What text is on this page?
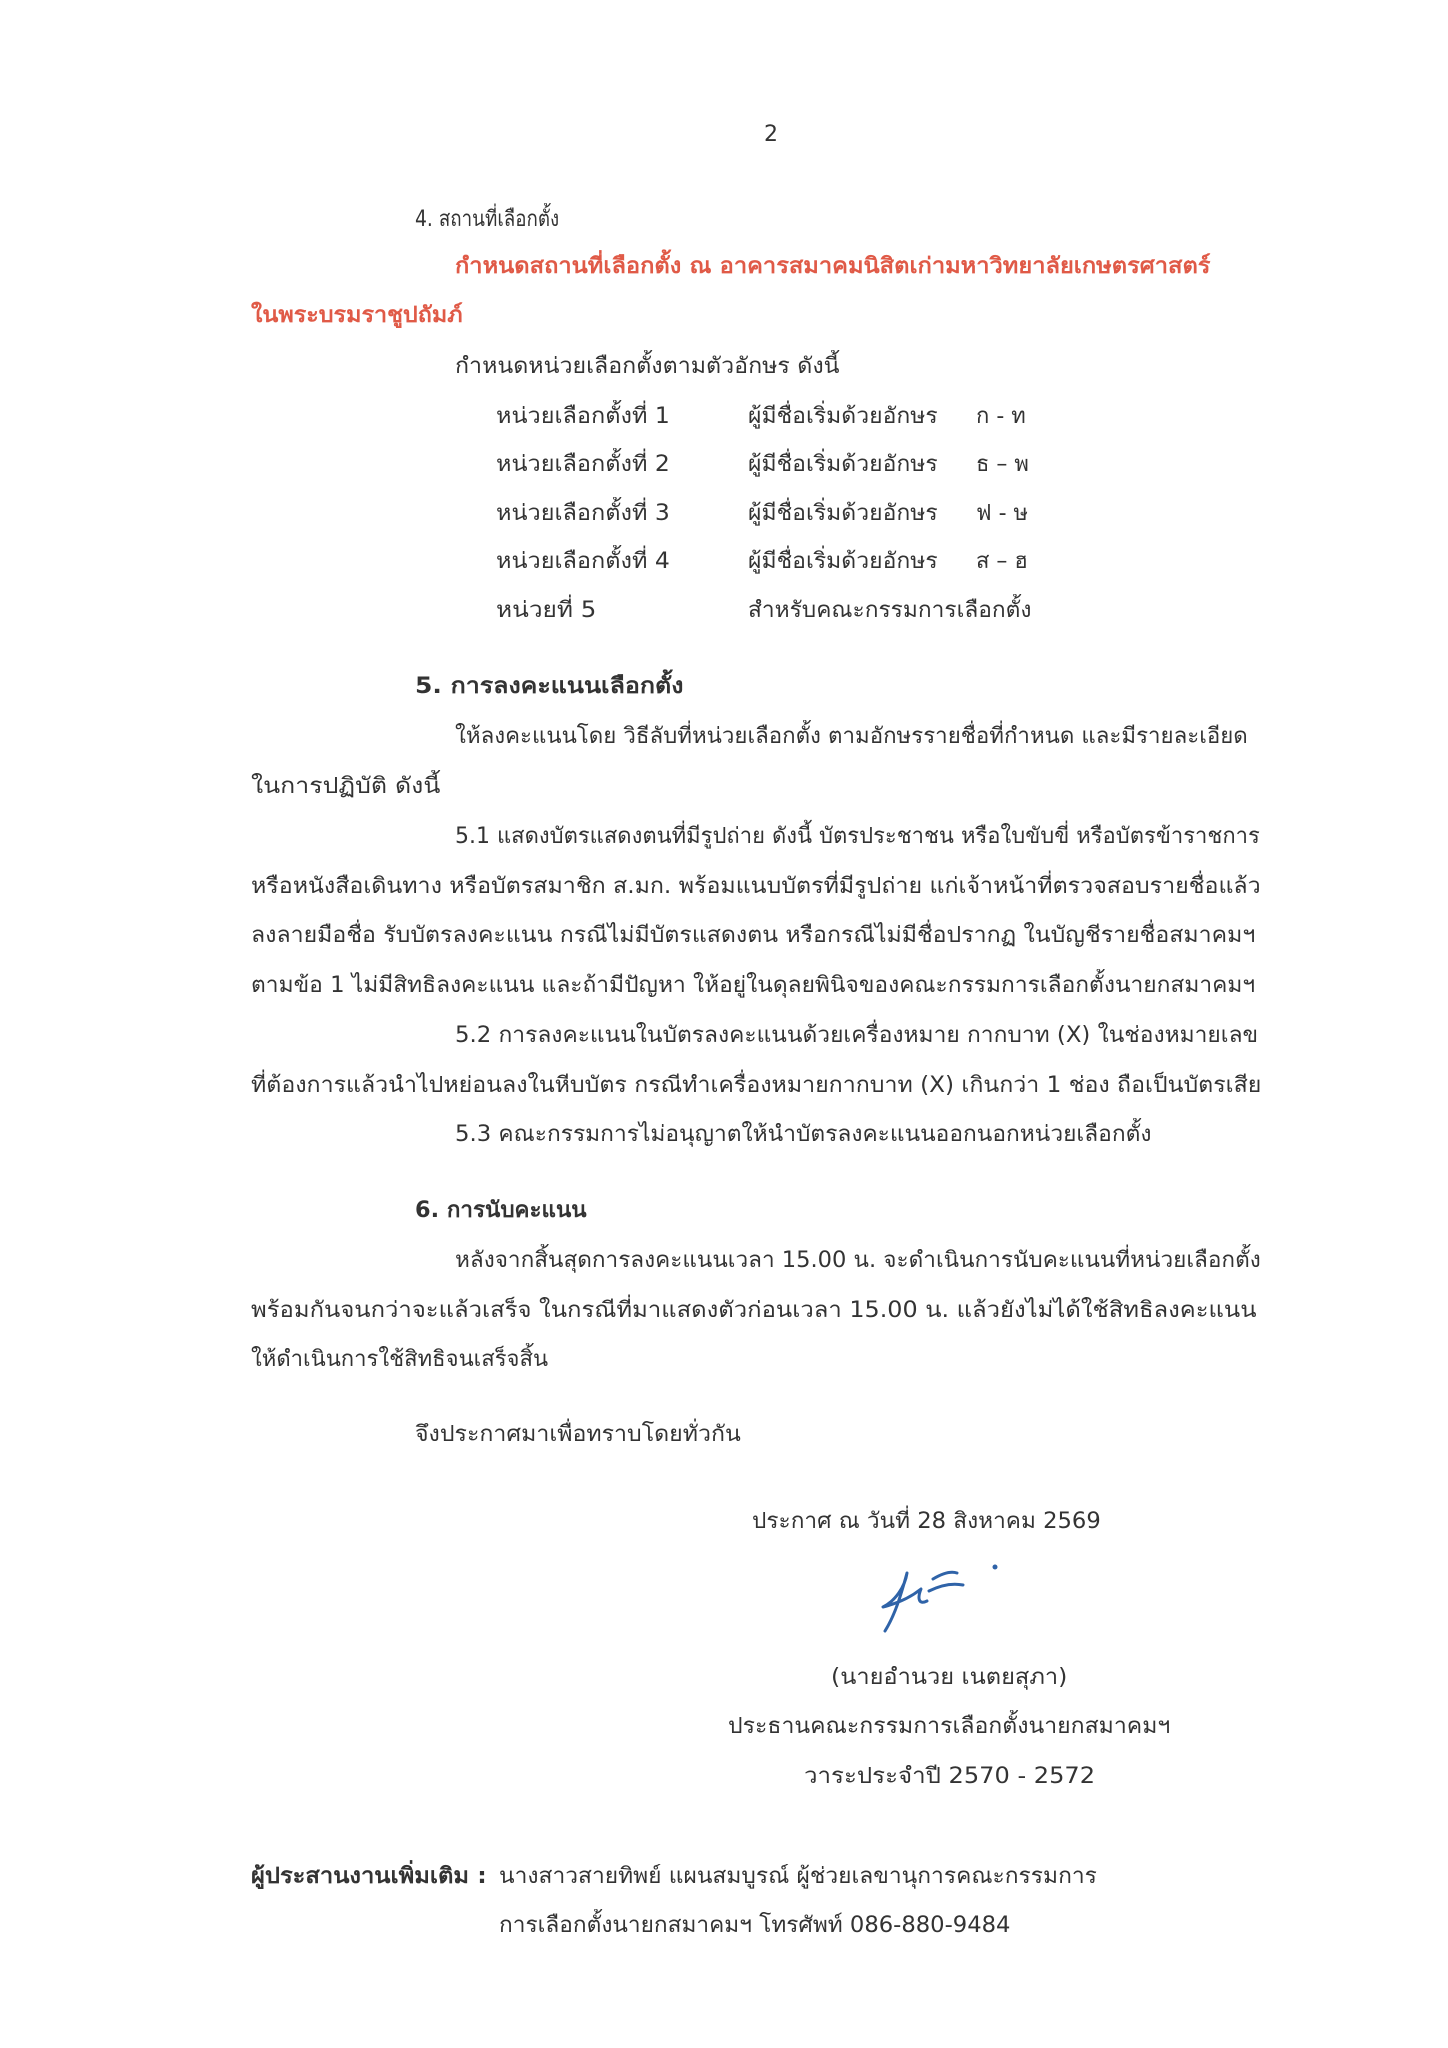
2
4. สถานที่เลือกตั้ง
กำหนดสถานที่เลือกตั้ง ณ อาคารสมาคมนิสิตเก่ามหาวิทยาลัยเกษตรศาสตร์
ในพระบรมราชูปถัมภ์
กำหนดหน่วยเลือกตั้งตามตัวอักษร ดังนี้
หน่วยเลือกตั้งที่ 1	ผู้มีชื่อเริ่มด้วยอักษร ก - ท
หน่วยเลือกตั้งที่ 2	ผู้มีชื่อเริ่มด้วยอักษร ธ – พ
หน่วยเลือกตั้งที่ 3	ผู้มีชื่อเริ่มด้วยอักษร ฟ - ษ
หน่วยเลือกตั้งที่ 4	ผู้มีชื่อเริ่มด้วยอักษร ส – ฮ
หน่วยที่ 5	สำหรับคณะกรรมการเลือกตั้ง
5. การลงคะแนนเลือกตั้ง
ให้ลงคะแนนโดย วิธีลับที่หน่วยเลือกตั้ง ตามอักษรรายชื่อที่กำหนด และมีรายละเอียด
ในการปฏิบัติ ดังนี้
5.1 แสดงบัตรแสดงตนที่มีรูปถ่าย ดังนี้ บัตรประชาชน หรือใบขับขี่ หรือบัตรข้าราชการ
หรือหนังสือเดินทาง หรือบัตรสมาชิก ส.มก. พร้อมแนบบัตรที่มีรูปถ่าย แก่เจ้าหน้าที่ตรวจสอบรายชื่อแล้ว
ลงลายมือชื่อ รับบัตรลงคะแนน กรณีไม่มีบัตรแสดงตน หรือกรณีไม่มีชื่อปรากฏ ในบัญชีรายชื่อสมาคมฯ
ตามข้อ 1 ไม่มีสิทธิลงคะแนน และถ้ามีปัญหา ให้อยู่ในดุลยพินิจของคณะกรรมการเลือกตั้งนายกสมาคมฯ
5.2 การลงคะแนนในบัตรลงคะแนนด้วยเครื่องหมาย กากบาท (X) ในช่องหมายเลข
ที่ต้องการแล้วนำไปหย่อนลงในหีบบัตร กรณีทำเครื่องหมายกากบาท (X) เกินกว่า 1 ช่อง ถือเป็นบัตรเสีย
5.3 คณะกรรมการไม่อนุญาตให้นำบัตรลงคะแนนออกนอกหน่วยเลือกตั้ง
6. การนับคะแนน
หลังจากสิ้นสุดการลงคะแนนเวลา 15.00 น. จะดำเนินการนับคะแนนที่หน่วยเลือกตั้ง
พร้อมกันจนกว่าจะแล้วเสร็จ ในกรณีที่มาแสดงตัวก่อนเวลา 15.00 น. แล้วยังไม่ได้ใช้สิทธิลงคะแนน
ให้ดำเนินการใช้สิทธิจนเสร็จสิ้น
จึงประกาศมาเพื่อทราบโดยทั่วกัน
ประกาศ ณ วันที่ 28 สิงหาคม 2569
(นายอำนวย เนตยสุภา)
ประธานคณะกรรมการเลือกตั้งนายกสมาคมฯ
วาระประจำปี 2570 - 2572
ผู้ประสานงานเพิ่มเติม : นางสาวสายทิพย์ แผนสมบูรณ์ ผู้ช่วยเลขานุการคณะกรรมการ
การเลือกตั้งนายกสมาคมฯ โทรศัพท์ 086-880-9484
